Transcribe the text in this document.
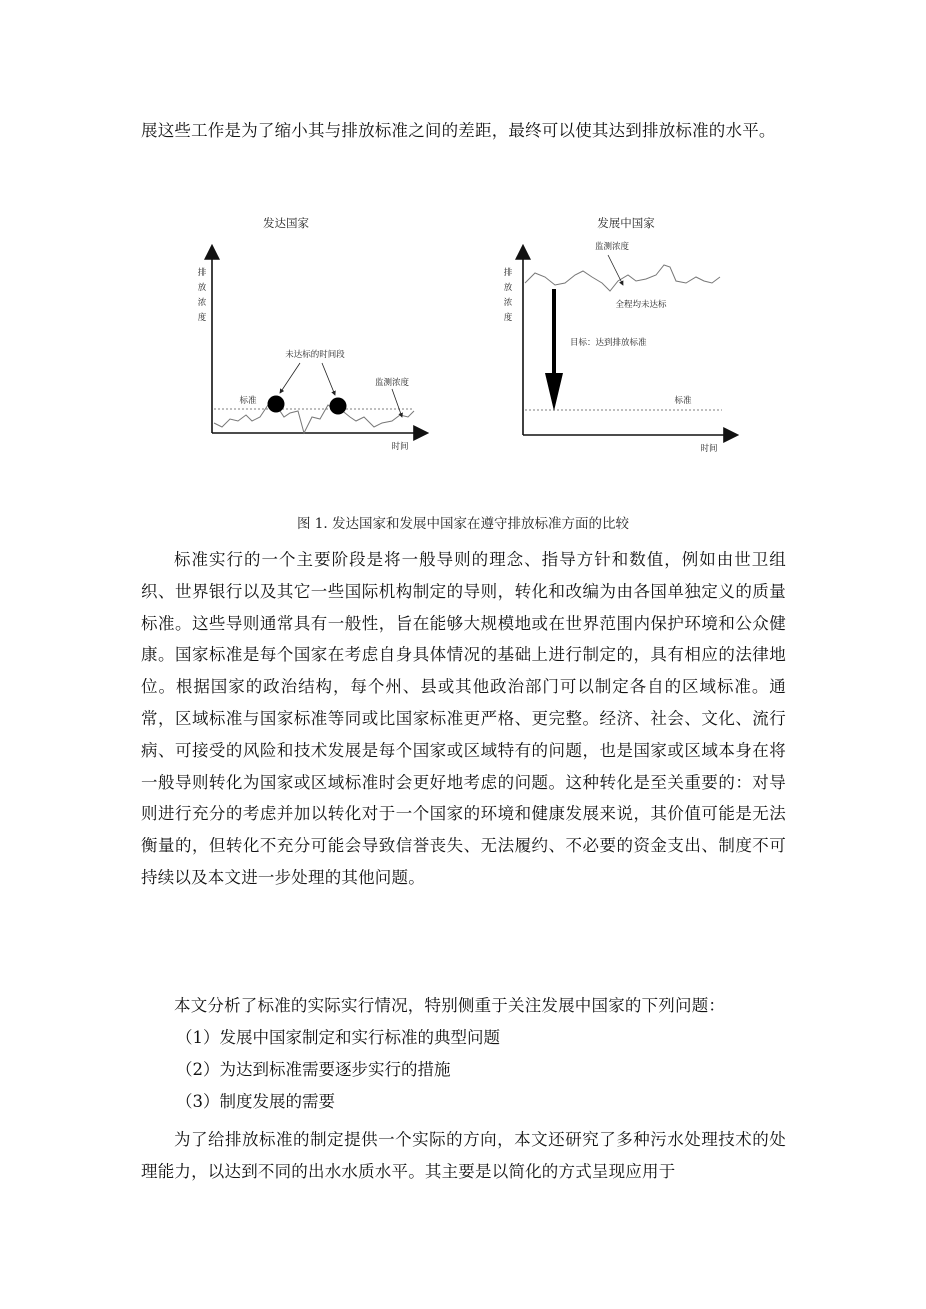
展这些工作是为了缩小其与排放标准之间的差距，最终可以使其达到排放标准的水平。

发达国家
排
放
浓
度
时间
标准
未达标的时间段
监测浓度
发展中国家
排
放
浓
度
时间
标准
监测浓度
全程均未达标
目标：达到排放标准
图 1. 发达国家和发展中国家在遵守排放标准方面的比较

标准实行的一个主要阶段是将一般导则的理念、指导方针和数值，例如由世卫组织、世界银行以及其它一些国际机构制定的导则，转化和改编为由各国单独定义的质量标准。这些导则通常具有一般性，旨在能够大规模地或在世界范围内保护环境和公众健康。国家标准是每个国家在考虑自身具体情况的基础上进行制定的，具有相应的法律地位。根据国家的政治结构，每个州、县或其他政治部门可以制定各自的区域标准。通常，区域标准与国家标准等同或比国家标准更严格、更完整。经济、社会、文化、流行病、可接受的风险和技术发展是每个国家或区域特有的问题，也是国家或区域本身在将一般导则转化为国家或区域标准时会更好地考虑的问题。这种转化是至关重要的：对导则进行充分的考虑并加以转化对于一个国家的环境和健康发展来说，其价值可能是无法衡量的，但转化不充分可能会导致信誉丧失、无法履约、不必要的资金支出、制度不可持续以及本文进一步处理的其他问题。

本文分析了标准的实际实行情况，特别侧重于关注发展中国家的下列问题：

（1）发展中国家制定和实行标准的典型问题

（2）为达到标准需要逐步实行的措施

（3）制度发展的需要

为了给排放标准的制定提供一个实际的方向，本文还研究了多种污水处理技术的处理能力，以达到不同的出水水质水平。其主要是以简化的方式呈现应用于
